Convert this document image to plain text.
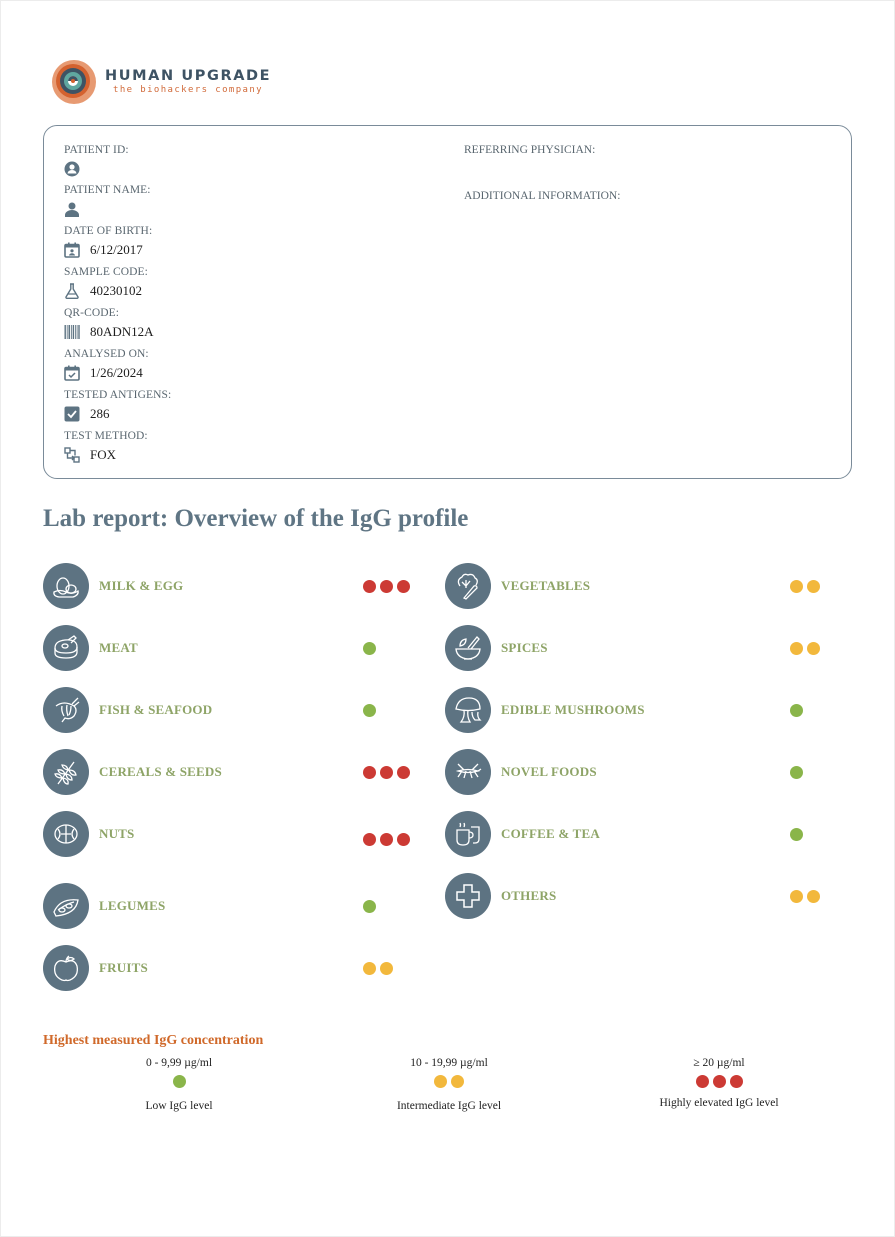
HUMAN UPGRADE
the biohackers company
PATIENT ID:
PATIENT NAME:
DATE OF BIRTH:
6/12/2017
SAMPLE CODE:
40230102
QR-CODE:
80ADN12A
ANALYSED ON:
1/26/2024
TESTED ANTIGENS:
286
TEST METHOD:
FOX
REFERRING PHYSICIAN:
ADDITIONAL INFORMATION:
Lab report: Overview of the IgG profile
MILK & EGG
MEAT
FISH & SEAFOOD
CEREALS & SEEDS
NUTS
LEGUMES
FRUITS
VEGETABLES
SPICES
EDIBLE MUSHROOMS
NOVEL FOODS
COFFEE & TEA
OTHERS
Highest measured IgG concentration
0 - 9,99 µg/ml
Low IgG level
10 - 19,99 µg/ml
Intermediate IgG level
≥ 20 µg/ml
Highly elevated IgG level
